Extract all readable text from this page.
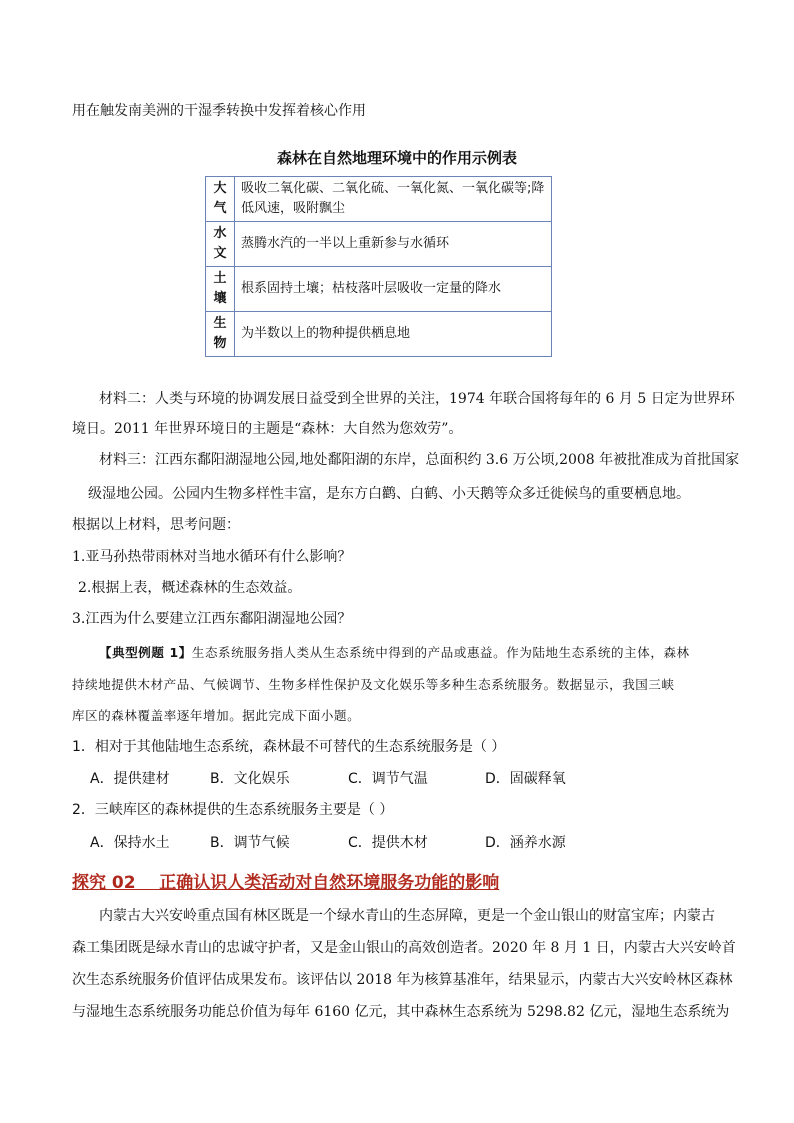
用在触发南美洲的干湿季转换中发挥着核心作用
森林在自然地理环境中的作用示例表
大气	吸收二氧化碳、二氧化硫、一氧化氮、一氧化碳等;降低风速，吸附飘尘
水文	蒸腾水汽的一半以上重新参与水循环
土壤	根系固持土壤；枯枝落叶层吸收一定量的降水
生物	为半数以上的物种提供栖息地
材料二：人类与环境的协调发展日益受到全世界的关注，1974 年联合国将每年的 6 月 5 日定为世界环
境日。2011 年世界环境日的主题是“森林：大自然为您效劳”。
材料三：江西东鄱阳湖湿地公园,地处鄱阳湖的东岸，总面积约 3.6 万公顷,2008 年被批准成为首批国家
级湿地公园。公园内生物多样性丰富，是东方白鹳、白鹤、小天鹅等众多迁徙候鸟的重要栖息地。
根据以上材料，思考问题：
1.亚马孙热带雨林对当地水循环有什么影响？
2.根据上表，概述森林的生态效益。
3.江西为什么要建立江西东鄱阳湖湿地公园？
【典型例题 1】生态系统服务指人类从生态系统中得到的产品或惠益。作为陆地生态系统的主体，森林
持续地提供木材产品、气候调节、生物多样性保护及文化娱乐等多种生态系统服务。数据显示，我国三峡
库区的森林覆盖率逐年增加。据此完成下面小题。
1．相对于其他陆地生态系统，森林最不可替代的生态系统服务是（ ）
A．提供建材	B．文化娱乐	C．调节气温	D．固碳释氧
2．三峡库区的森林提供的生态系统服务主要是（ ）
A．保持水土	B．调节气候	C．提供木材	D．涵养水源
探究 02    正确认识人类活动对自然环境服务功能的影响
内蒙古大兴安岭重点国有林区既是一个绿水青山的生态屏障，更是一个金山银山的财富宝库；内蒙古
森工集团既是绿水青山的忠诚守护者，又是金山银山的高效创造者。2020 年 8 月 1 日，内蒙古大兴安岭首
次生态系统服务价值评估成果发布。该评估以 2018 年为核算基准年，结果显示，内蒙古大兴安岭林区森林
与湿地生态系统服务功能总价值为每年 6160 亿元，其中森林生态系统为 5298.82 亿元，湿地生态系统为
